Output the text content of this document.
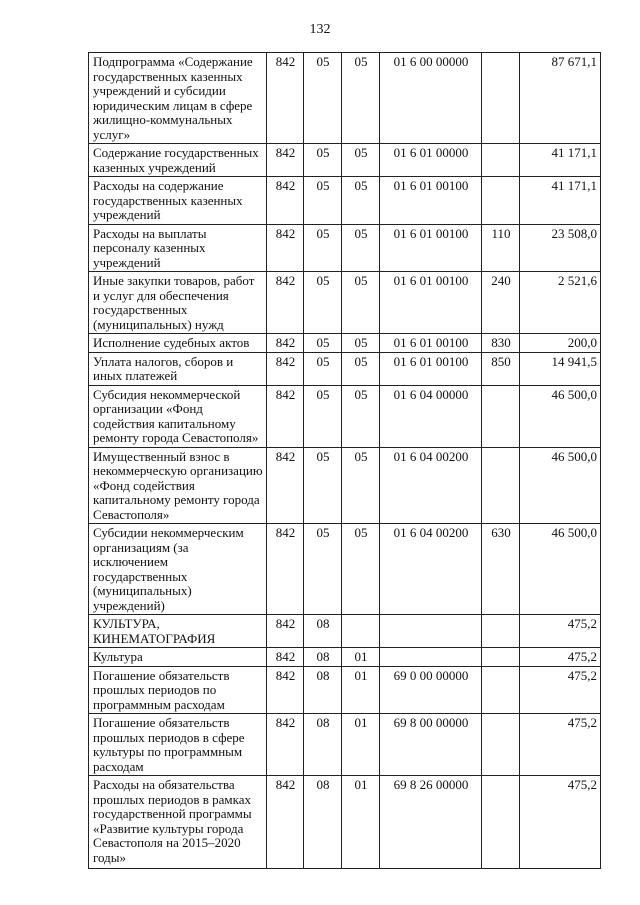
132
Подпрограмма «Содержание государственных казенных учреждений и субсидии юридическим лицам в сфере жилищно-коммунальных услуг»	842	05	05	01 6 00 00000		87 671,1
Содержание государственных казенных учреждений	842	05	05	01 6 01 00000		41 171,1
Расходы на содержание государственных казенных учреждений	842	05	05	01 6 01 00100		41 171,1
Расходы на выплаты персоналу казенных учреждений	842	05	05	01 6 01 00100	110	23 508,0
Иные закупки товаров, работ и услуг для обеспечения государственных (муниципальных) нужд	842	05	05	01 6 01 00100	240	2 521,6
Исполнение судебных актов	842	05	05	01 6 01 00100	830	200,0
Уплата налогов, сборов и иных платежей	842	05	05	01 6 01 00100	850	14 941,5
Субсидия некоммерческой организации «Фонд содействия капитальному ремонту города Севастополя»	842	05	05	01 6 04 00000		46 500,0
Имущественный взнос в некоммерческую организацию «Фонд содействия капитальному ремонту города Севастополя»	842	05	05	01 6 04 00200		46 500,0
Субсидии некоммерческим организациям (за исключением государственных (муниципальных) учреждений)	842	05	05	01 6 04 00200	630	46 500,0
КУЛЬТУРА, КИНЕМАТОГРАФИЯ	842	08				475,2
Культура	842	08	01			475,2
Погашение обязательств прошлых периодов по программным расходам	842	08	01	69 0 00 00000		475,2
Погашение обязательств прошлых периодов в сфере культуры по программным расходам	842	08	01	69 8 00 00000		475,2
Расходы на обязательства прошлых периодов в рамках государственной программы «Развитие культуры города Севастополя на 2015–2020 годы»	842	08	01	69 8 26 00000		475,2
